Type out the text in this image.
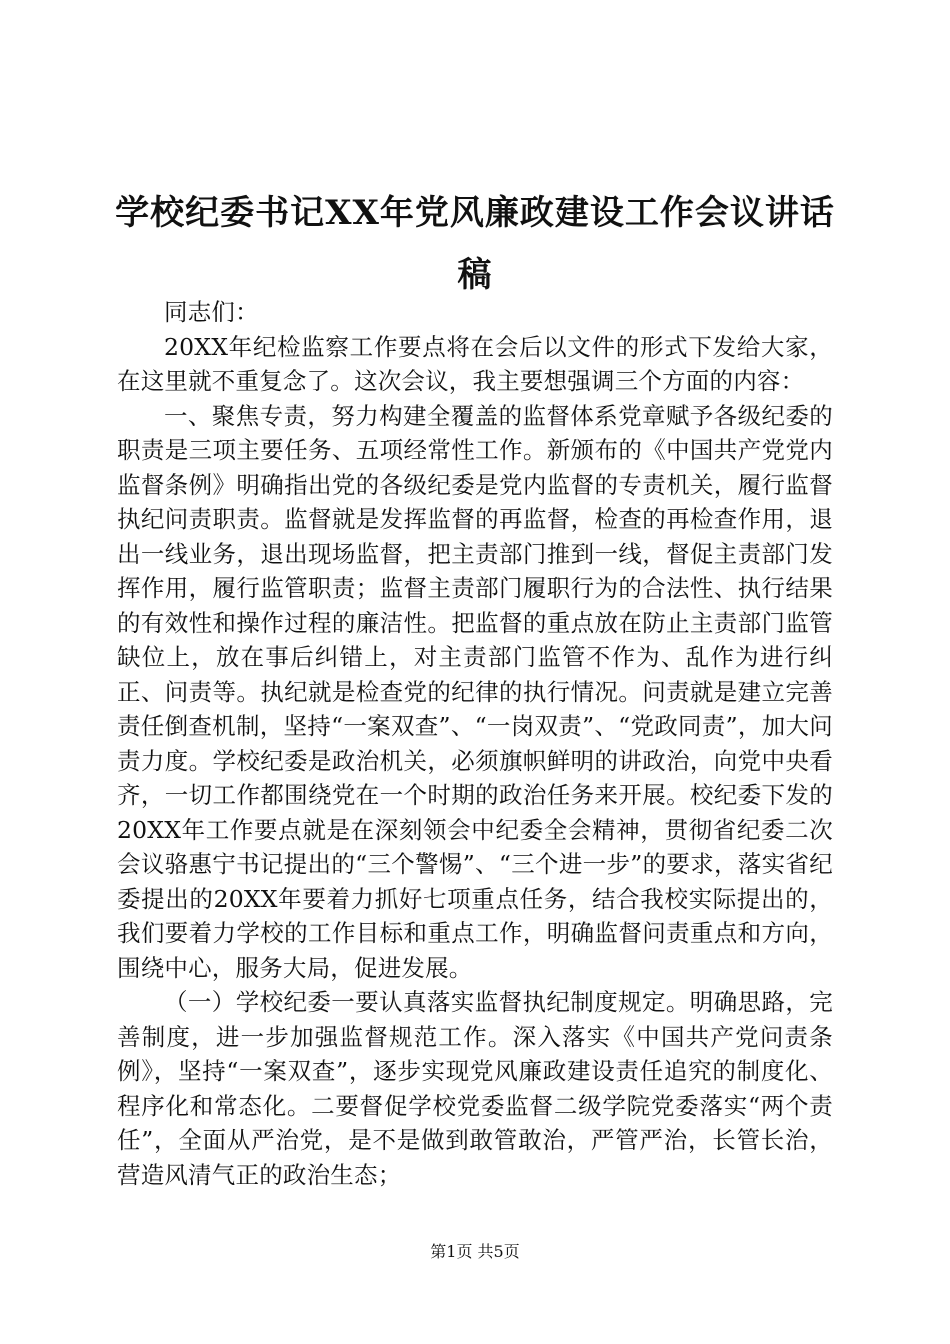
学校纪委书记XX年党风廉政建设工作会议讲话稿

同志们：

20XX年纪检监察工作要点将在会后以文件的形式下发给大家，在这里就不重复念了。这次会议，我主要想强调三个方面的内容：

一、聚焦专责，努力构建全覆盖的监督体系党章赋予各级纪委的职责是三项主要任务、五项经常性工作。新颁布的《中国共产党党内监督条例》明确指出党的各级纪委是党内监督的专责机关，履行监督执纪问责职责。监督就是发挥监督的再监督，检查的再检查作用，退出一线业务，退出现场监督，把主责部门推到一线，督促主责部门发挥作用，履行监管职责；监督主责部门履职行为的合法性、执行结果的有效性和操作过程的廉洁性。把监督的重点放在防止主责部门监管缺位上，放在事后纠错上，对主责部门监管不作为、乱作为进行纠正、问责等。执纪就是检查党的纪律的执行情况。问责就是建立完善责任倒查机制，坚持“一案双查”、“一岗双责”、“党政同责”，加大问责力度。学校纪委是政治机关，必须旗帜鲜明的讲政治，向党中央看齐，一切工作都围绕党在一个时期的政治任务来开展。校纪委下发的20XX年工作要点就是在深刻领会中纪委全会精神，贯彻省纪委二次会议骆惠宁书记提出的“三个警惕”、“三个进一步”的要求，落实省纪委提出的20XX年要着力抓好七项重点任务，结合我校实际提出的，我们要着力学校的工作目标和重点工作，明确监督问责重点和方向，围绕中心，服务大局，促进发展。

（一）学校纪委一要认真落实监督执纪制度规定。明确思路，完善制度，进一步加强监督规范工作。深入落实《中国共产党问责条例》，坚持“一案双查”，逐步实现党风廉政建设责任追究的制度化、程序化和常态化。二要督促学校党委监督二级学院党委落实“两个责任”，全面从严治党，是不是做到敢管敢治，严管严治，长管长治，营造风清气正的政治生态；

第1页 共5页
